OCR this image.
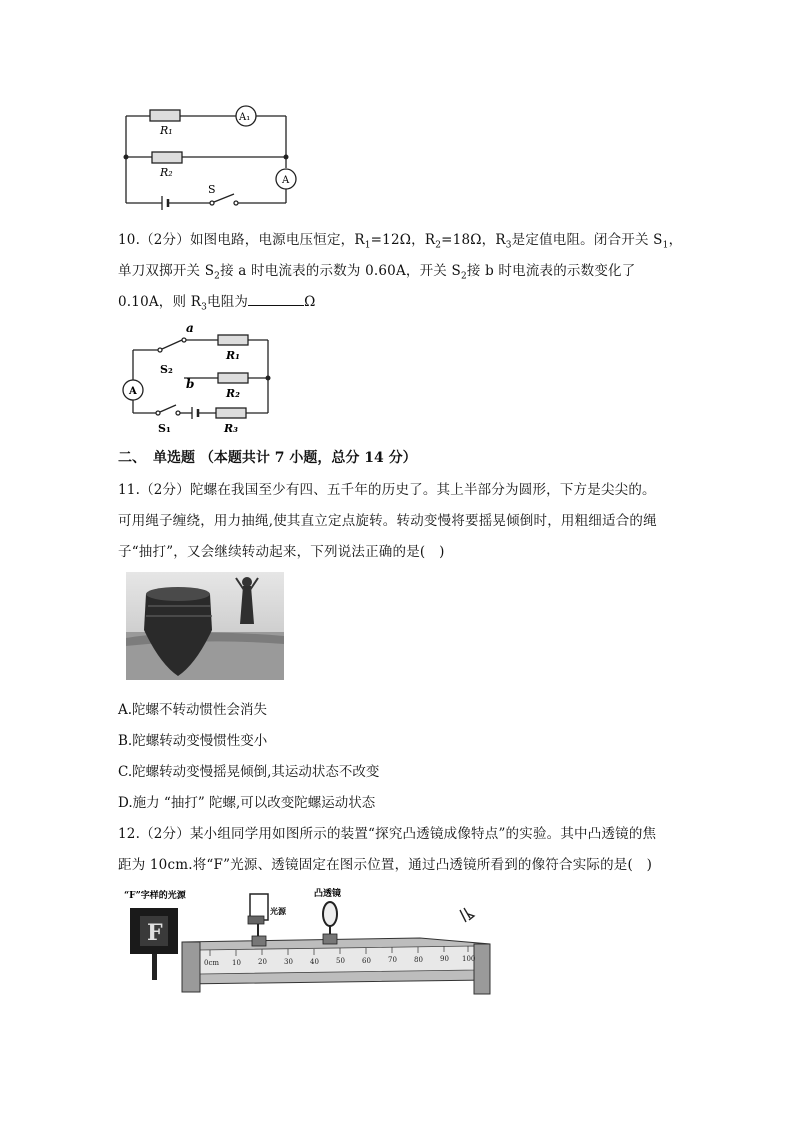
R₁
R₂
S
A₁
A
10.（2分）如图电路，电源电压恒定，$R_1=12\Omega$，$R_2=18\Omega$，$R_3$是定值电阻。闭合开关 $S_1$，
单刀双掷开关 $S_2$接 a 时电流表的示数为 0.60A，开关 $S_2$接 b 时电流表的示数变化了
0.10A，则 $R_3$电阻为	Ω
a
b
R₁
R₂
R₃
S₂
S₁
A
二、　单选题 （本题共计 7 小题，总分 14 分）
11.（2分）陀螺在我国至少有四、五千年的历史了。其上半部分为圆形，下方是尖尖的。
可用绳子缠绕，用力抽绳,使其直立定点旋转。转动变慢将要摇晃倾倒时，用粗细适合的绳
子“抽打”，又会继续转动起来，下列说法正确的是(　)
A.陀螺不转动惯性会消失
B.陀螺转动变慢惯性变小
C.陀螺转动变慢摇晃倾倒,其运动状态不改变
D.施力 “抽打” 陀螺,可以改变陀螺运动状态
12.（2分）某小组同学用如图所示的装置“探究凸透镜成像特点”的实验。其中凸透镜的焦
距为 10cm.将“F”光源、透镜固定在图示位置，通过凸透镜所看到的像符合实际的是(　)
“F”字样的光源
F
0cm 10 20 30 40 50 60 70 80 90 100
光源
凸透镜
